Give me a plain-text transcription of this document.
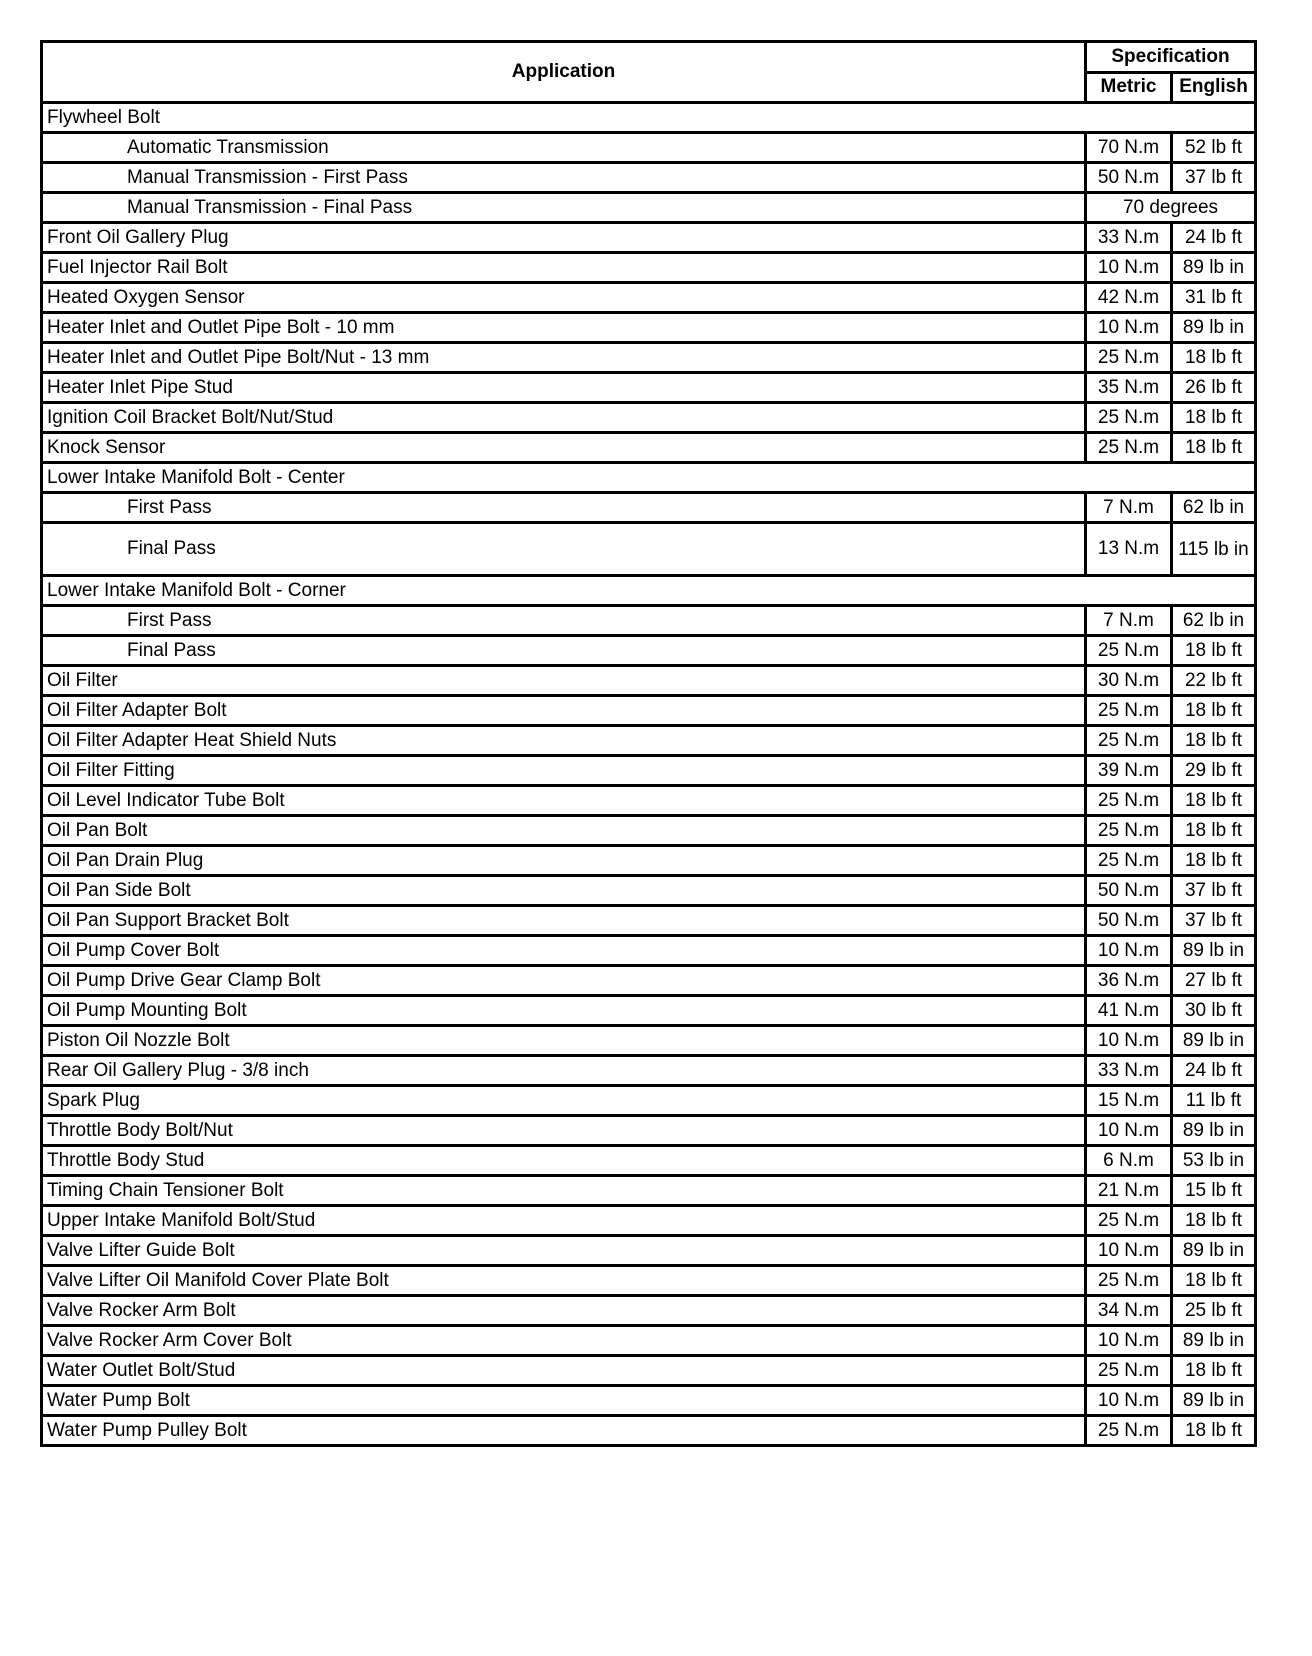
Application	Specification	
	Metric	English
Flywheel Bolt		
Automatic Transmission	70 N.m	52 lb ft
Manual Transmission - First Pass	50 N.m	37 lb ft
Manual Transmission - Final Pass	70 degrees	
Front Oil Gallery Plug	33 N.m	24 lb ft
Fuel Injector Rail Bolt	10 N.m	89 lb in
Heated Oxygen Sensor	42 N.m	31 lb ft
Heater Inlet and Outlet Pipe Bolt - 10 mm	10 N.m	89 lb in
Heater Inlet and Outlet Pipe Bolt/Nut - 13 mm	25 N.m	18 lb ft
Heater Inlet Pipe Stud	35 N.m	26 lb ft
Ignition Coil Bracket Bolt/Nut/Stud	25 N.m	18 lb ft
Knock Sensor	25 N.m	18 lb ft
Lower Intake Manifold Bolt - Center		
First Pass	7 N.m	62 lb in
Final Pass	13 N.m	115 lb in
Lower Intake Manifold Bolt - Corner		
First Pass	7 N.m	62 lb in
Final Pass	25 N.m	18 lb ft
Oil Filter	30 N.m	22 lb ft
Oil Filter Adapter Bolt	25 N.m	18 lb ft
Oil Filter Adapter Heat Shield Nuts	25 N.m	18 lb ft
Oil Filter Fitting	39 N.m	29 lb ft
Oil Level Indicator Tube Bolt	25 N.m	18 lb ft
Oil Pan Bolt	25 N.m	18 lb ft
Oil Pan Drain Plug	25 N.m	18 lb ft
Oil Pan Side Bolt	50 N.m	37 lb ft
Oil Pan Support Bracket Bolt	50 N.m	37 lb ft
Oil Pump Cover Bolt	10 N.m	89 lb in
Oil Pump Drive Gear Clamp Bolt	36 N.m	27 lb ft
Oil Pump Mounting Bolt	41 N.m	30 lb ft
Piston Oil Nozzle Bolt	10 N.m	89 lb in
Rear Oil Gallery Plug - 3/8 inch	33 N.m	24 lb ft
Spark Plug	15 N.m	11 lb ft
Throttle Body Bolt/Nut	10 N.m	89 lb in
Throttle Body Stud	6 N.m	53 lb in
Timing Chain Tensioner Bolt	21 N.m	15 lb ft
Upper Intake Manifold Bolt/Stud	25 N.m	18 lb ft
Valve Lifter Guide Bolt	10 N.m	89 lb in
Valve Lifter Oil Manifold Cover Plate Bolt	25 N.m	18 lb ft
Valve Rocker Arm Bolt	34 N.m	25 lb ft
Valve Rocker Arm Cover Bolt	10 N.m	89 lb in
Water Outlet Bolt/Stud	25 N.m	18 lb ft
Water Pump Bolt	10 N.m	89 lb in
Water Pump Pulley Bolt	25 N.m	18 lb ft
